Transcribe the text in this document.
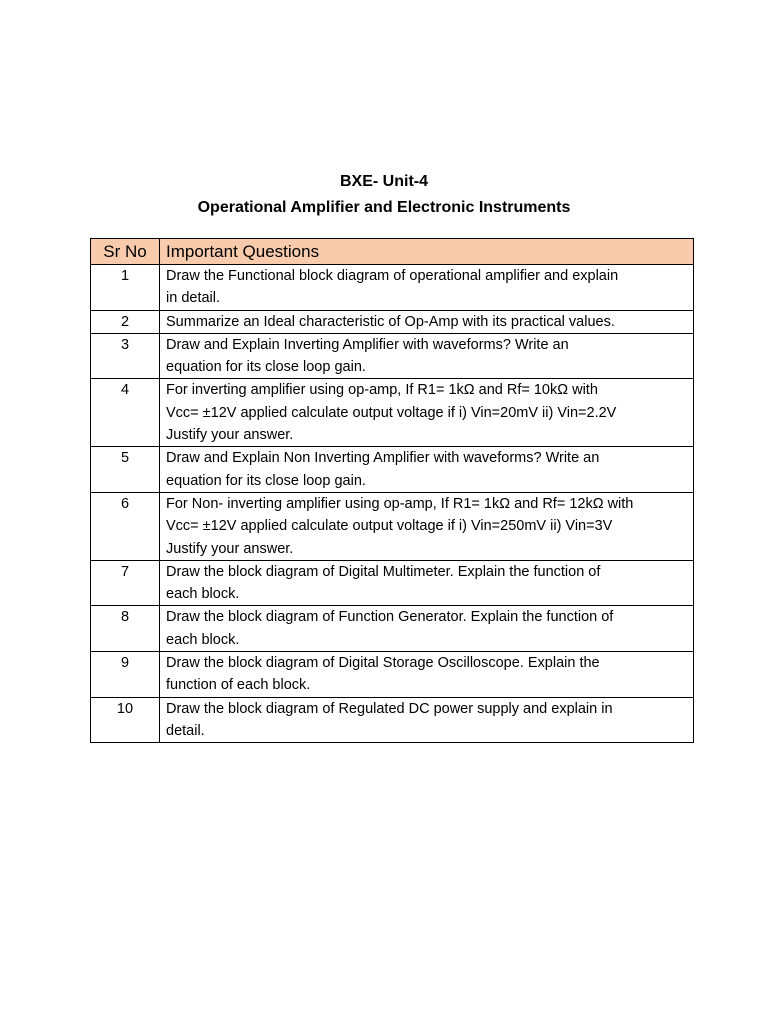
BXE- Unit-4
Operational Amplifier and Electronic Instruments
Sr No	Important Questions
1	Draw the Functional block diagram of operational amplifier and explain
in detail.
2	Summarize an Ideal characteristic of Op-Amp with its practical values.
3	Draw and Explain Inverting Amplifier with waveforms? Write an
equation for its close loop gain.
4	For inverting amplifier using op-amp, If R1= 1kΩ and Rf= 10kΩ with
Vcc= ±12V applied calculate output voltage if i) Vin=20mV ii) Vin=2.2V
Justify your answer.
5	Draw and Explain Non Inverting Amplifier with waveforms? Write an
equation for its close loop gain.
6	For Non- inverting amplifier using op-amp, If R1= 1kΩ and Rf= 12kΩ with
Vcc= ±12V applied calculate output voltage if i) Vin=250mV ii) Vin=3V
Justify your answer.
7	Draw the block diagram of Digital Multimeter. Explain the function of
each block.
8	Draw the block diagram of Function Generator. Explain the function of
each block.
9	Draw the block diagram of Digital Storage Oscilloscope. Explain the
function of each block.
10	Draw the block diagram of Regulated DC power supply and explain in
detail.
